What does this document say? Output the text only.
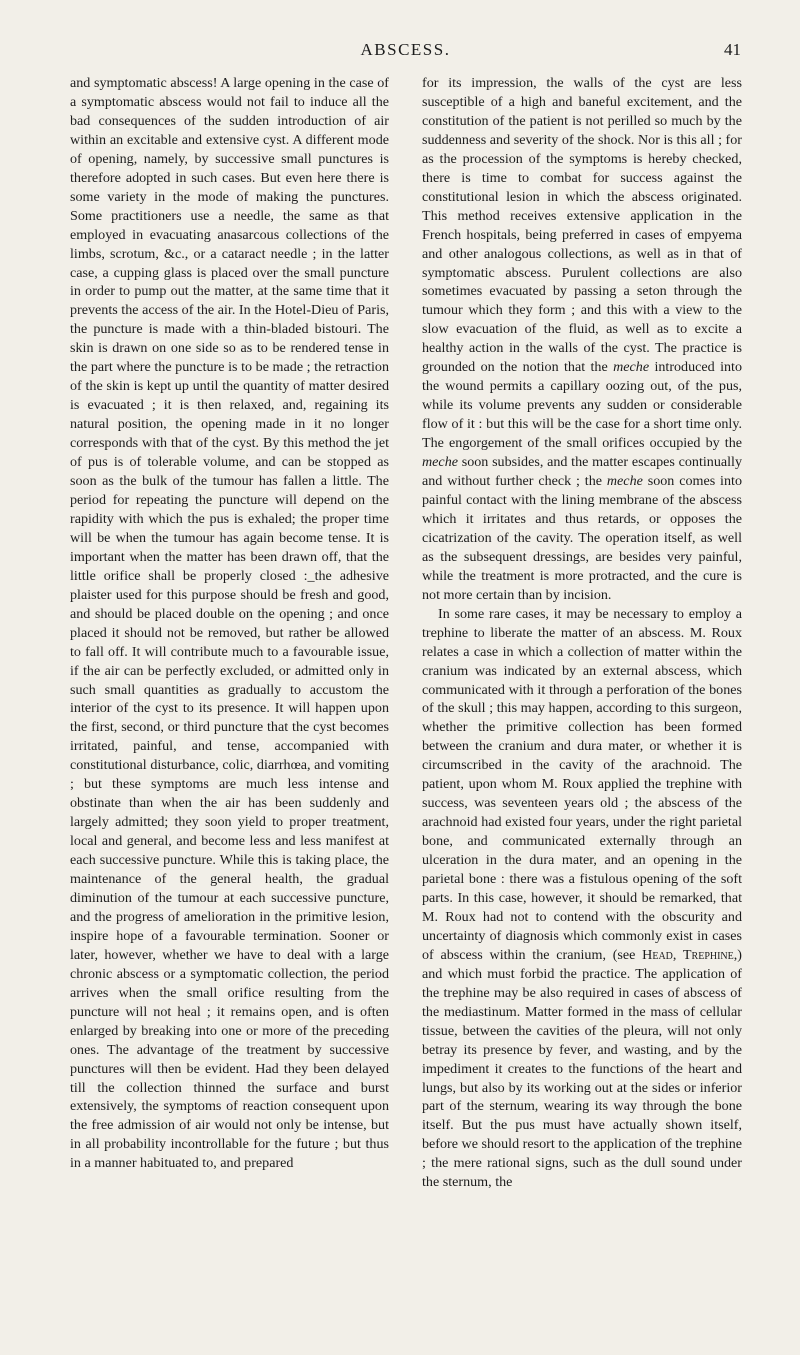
ABSCESS.	41

and symptomatic abscess! A large opening in the case of a symptomatic abscess would not fail to induce all the bad consequences of the sudden introduction of air within an excitable and extensive cyst. A different mode of opening, namely, by successive small punctures is therefore adopted in such cases. But even here there is some variety in the mode of making the punctures. Some practitioners use a needle, the same as that employed in evacuating anasarcous collections of the limbs, scrotum, &c., or a cataract needle ; in the latter case, a cupping glass is placed over the small puncture in order to pump out the matter, at the same time that it prevents the access of the air. In the Hotel-Dieu of Paris, the puncture is made with a thin-bladed bistouri. The skin is drawn on one side so as to be rendered tense in the part where the puncture is to be made ; the retraction of the skin is kept up until the quantity of matter desired is evacuated ; it is then relaxed, and, regaining its natural position, the opening made in it no longer corresponds with that of the cyst. By this method the jet of pus is of tolerable volume, and can be stopped as soon as the bulk of the tumour has fallen a little. The period for repeating the puncture will depend on the rapidity with which the pus is exhaled; the proper time will be when the tumour has again become tense. It is important when the matter has been drawn off, that the little orifice shall be properly closed :_the adhesive plaister used for this purpose should be fresh and good, and should be placed double on the opening ; and once placed it should not be removed, but rather be allowed to fall off. It will contribute much to a favourable issue, if the air can be perfectly excluded, or admitted only in such small quantities as gradually to accustom the interior of the cyst to its presence. It will happen upon the first, second, or third puncture that the cyst becomes irritated, painful, and tense, accompanied with constitutional disturbance, colic, diarrhœa, and vomiting ; but these symptoms are much less intense and obstinate than when the air has been suddenly and largely admitted; they soon yield to proper treatment, local and general, and become less and less manifest at each successive puncture. While this is taking place, the maintenance of the general health, the gradual diminution of the tumour at each successive puncture, and the progress of amelioration in the primitive lesion, inspire hope of a favourable termination. Sooner or later, however, whether we have to deal with a large chronic abscess or a symptomatic collection, the period arrives when the small orifice resulting from the puncture will not heal ; it remains open, and is often enlarged by breaking into one or more of the preceding ones. The advantage of the treatment by successive punctures will then be evident. Had they been delayed till the collection thinned the surface and burst extensively, the symptoms of reaction consequent upon the free admission of air would not only be intense, but in all probability incontrollable for the future ; but thus in a manner habituated to, and prepared

for its impression, the walls of the cyst are less susceptible of a high and baneful excitement, and the constitution of the patient is not perilled so much by the suddenness and severity of the shock. Nor is this all ; for as the procession of the symptoms is hereby checked, there is time to combat for success against the constitutional lesion in which the abscess originated. This method receives extensive application in the French hospitals, being preferred in cases of empyema and other analogous collections, as well as in that of symptomatic abscess. Purulent collections are also sometimes evacuated by passing a seton through the tumour which they form ; and this with a view to the slow evacuation of the fluid, as well as to excite a healthy action in the walls of the cyst. The practice is grounded on the notion that the meche introduced into the wound permits a capillary oozing out, of the pus, while its volume prevents any sudden or considerable flow of it : but this will be the case for a short time only. The engorgement of the small orifices occupied by the meche soon subsides, and the matter escapes continually and without further check ; the meche soon comes into painful contact with the lining membrane of the abscess which it irritates and thus retards, or opposes the cicatrization of the cavity. The operation itself, as well as the subsequent dressings, are besides very painful, while the treatment is more protracted, and the cure is not more certain than by incision.

In some rare cases, it may be necessary to employ a trephine to liberate the matter of an abscess. M. Roux relates a case in which a collection of matter within the cranium was indicated by an external abscess, which communicated with it through a perforation of the bones of the skull ; this may happen, according to this surgeon, whether the primitive collection has been formed between the cranium and dura mater, or whether it is circumscribed in the cavity of the arachnoid. The patient, upon whom M. Roux applied the trephine with success, was seventeen years old ; the abscess of the arachnoid had existed four years, under the right parietal bone, and communicated externally through an ulceration in the dura mater, and an opening in the parietal bone : there was a fistulous opening of the soft parts. In this case, however, it should be remarked, that M. Roux had not to contend with the obscurity and uncertainty of diagnosis which commonly exist in cases of abscess within the cranium, (see Head, Trephine,) and which must forbid the practice. The application of the trephine may be also required in cases of abscess of the mediastinum. Matter formed in the mass of cellular tissue, between the cavities of the pleura, will not only betray its presence by fever, and wasting, and by the impediment it creates to the functions of the heart and lungs, but also by its working out at the sides or inferior part of the sternum, wearing its way through the bone itself. But the pus must have actually shown itself, before we should resort to the application of the trephine ; the mere rational signs, such as the dull sound under the sternum, the
